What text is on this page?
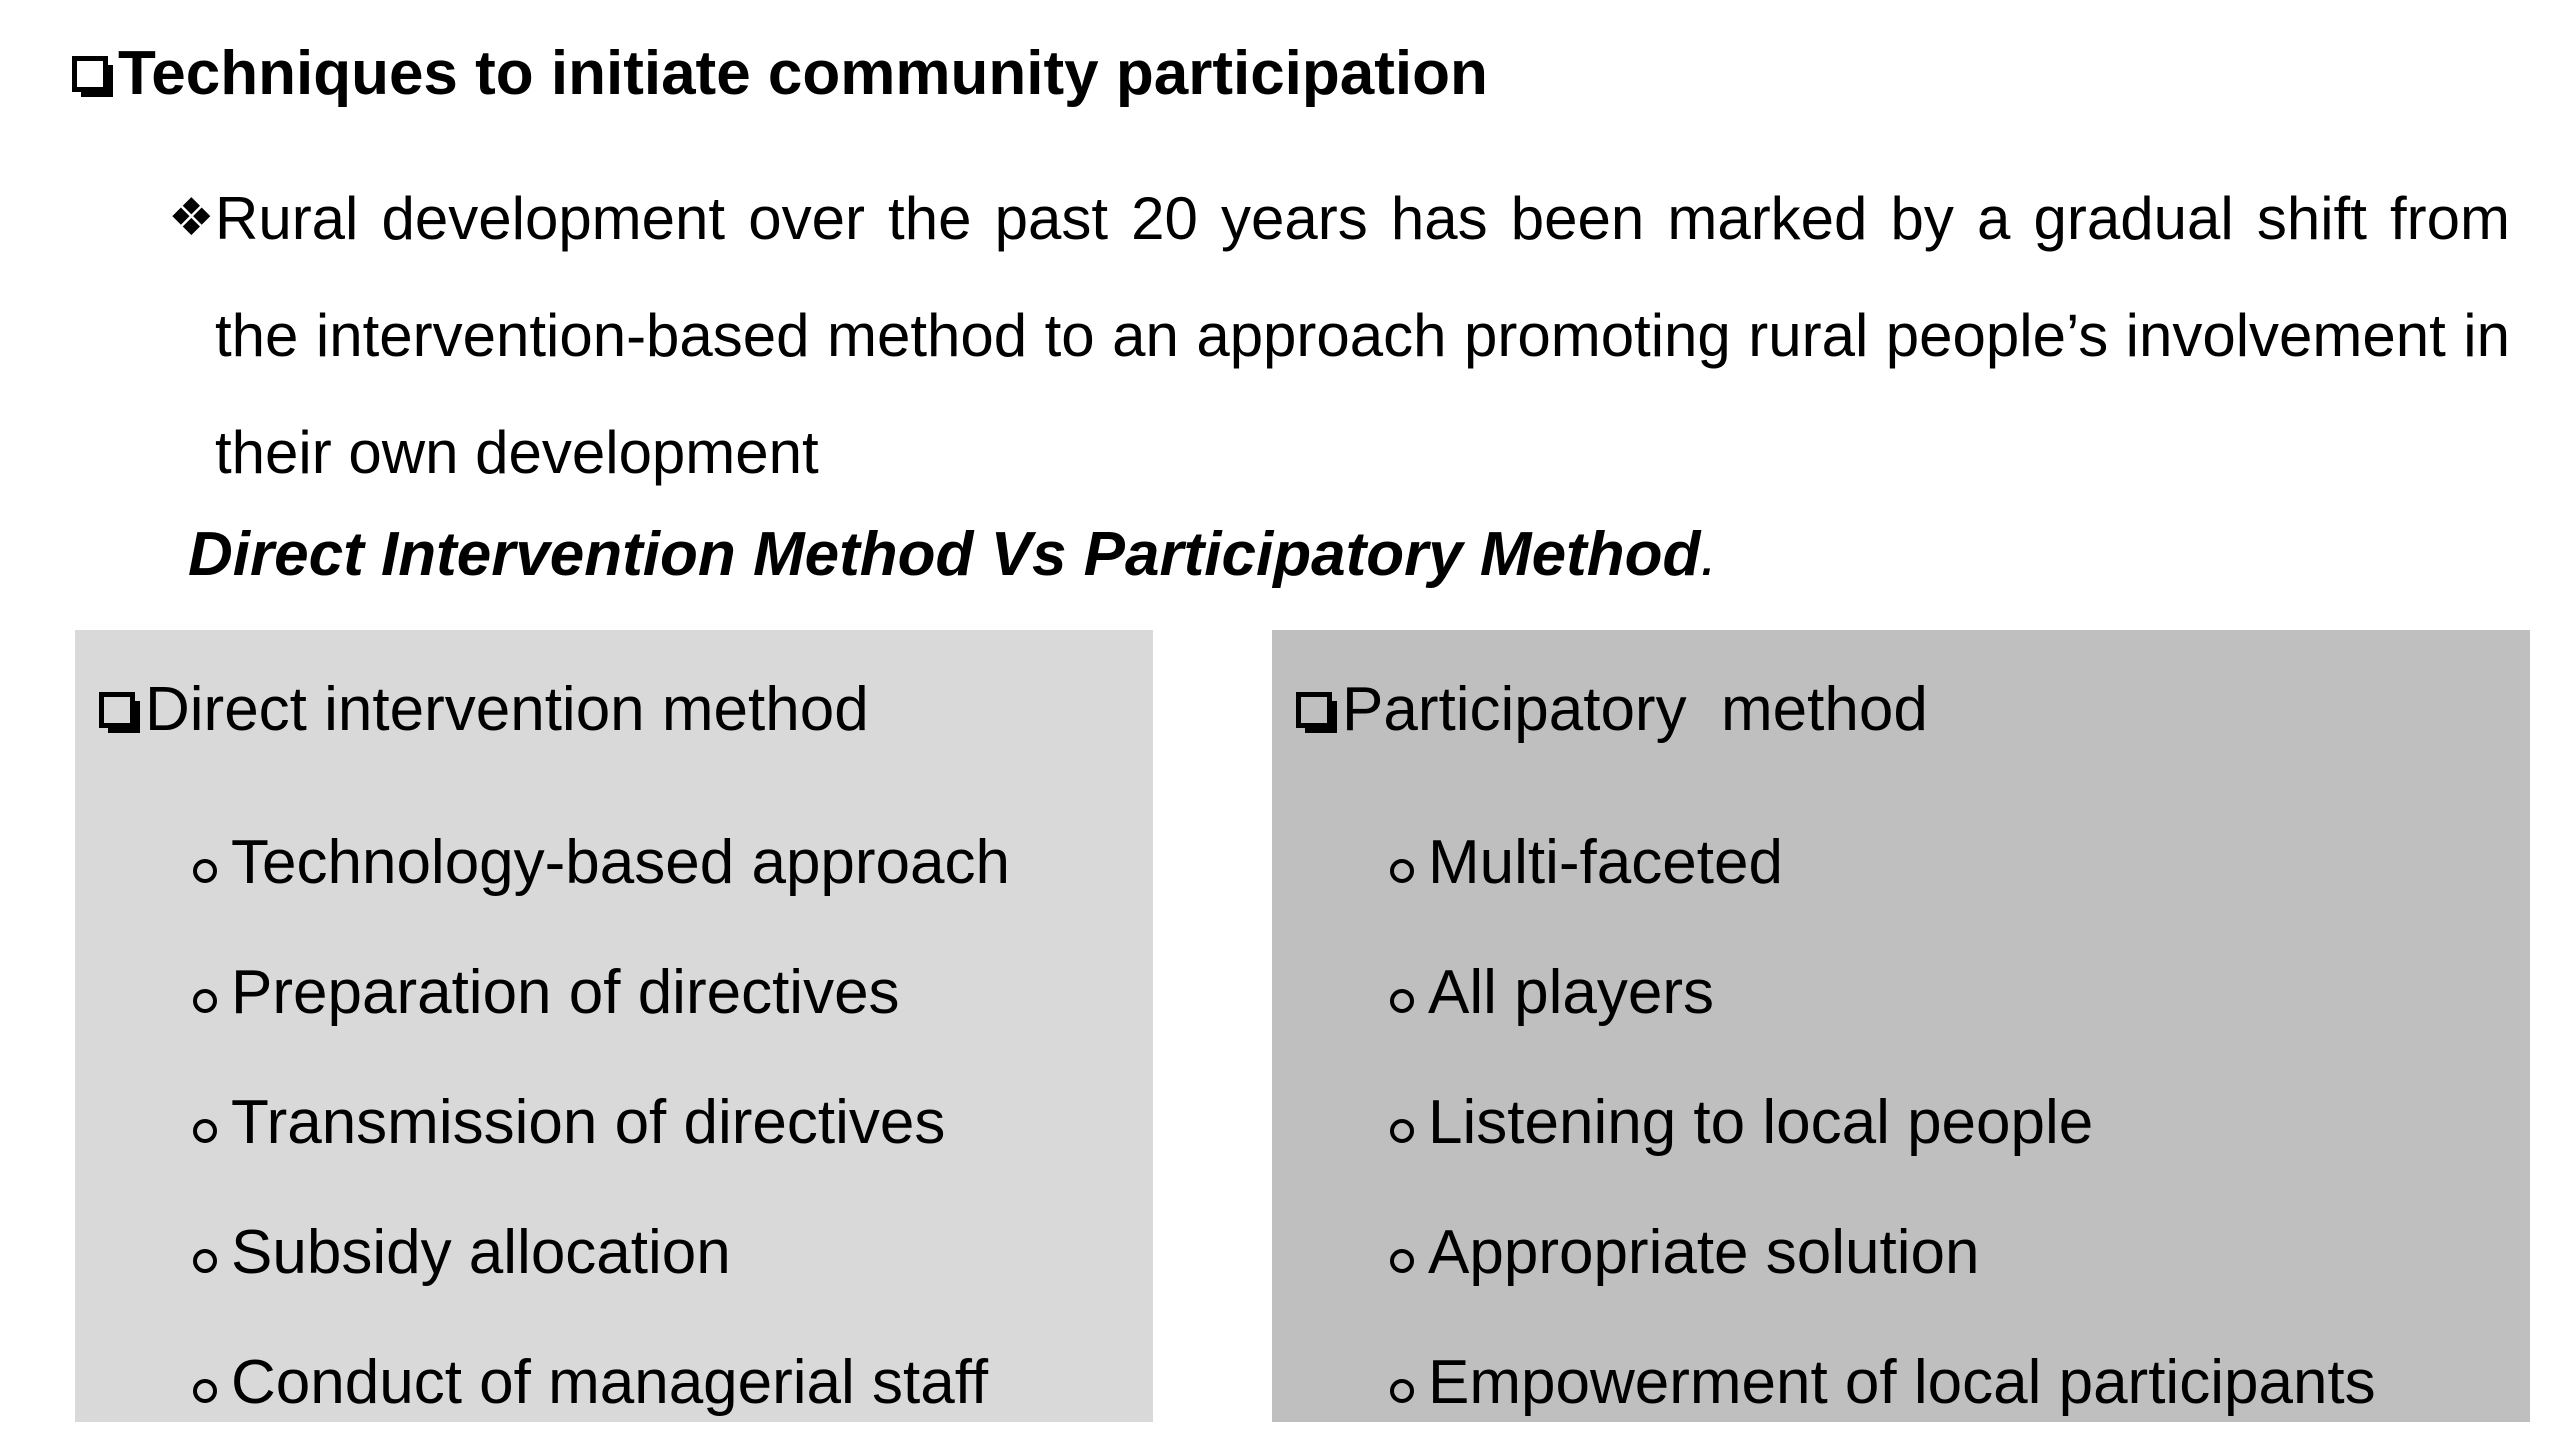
Techniques to initiate community participation
❖ Rural development over the past 20 years has been marked by a gradual shift from the intervention-based method to an approach promoting rural people’s involvement in their own development
Direct Intervention Method Vs Participatory Method.
Direct intervention method
Technology-based approach
Preparation of directives
Transmission of directives
Subsidy allocation
Conduct of managerial staff
Participatory  method
Multi-faceted
All players
Listening to local people
Appropriate solution
Empowerment of local participants
